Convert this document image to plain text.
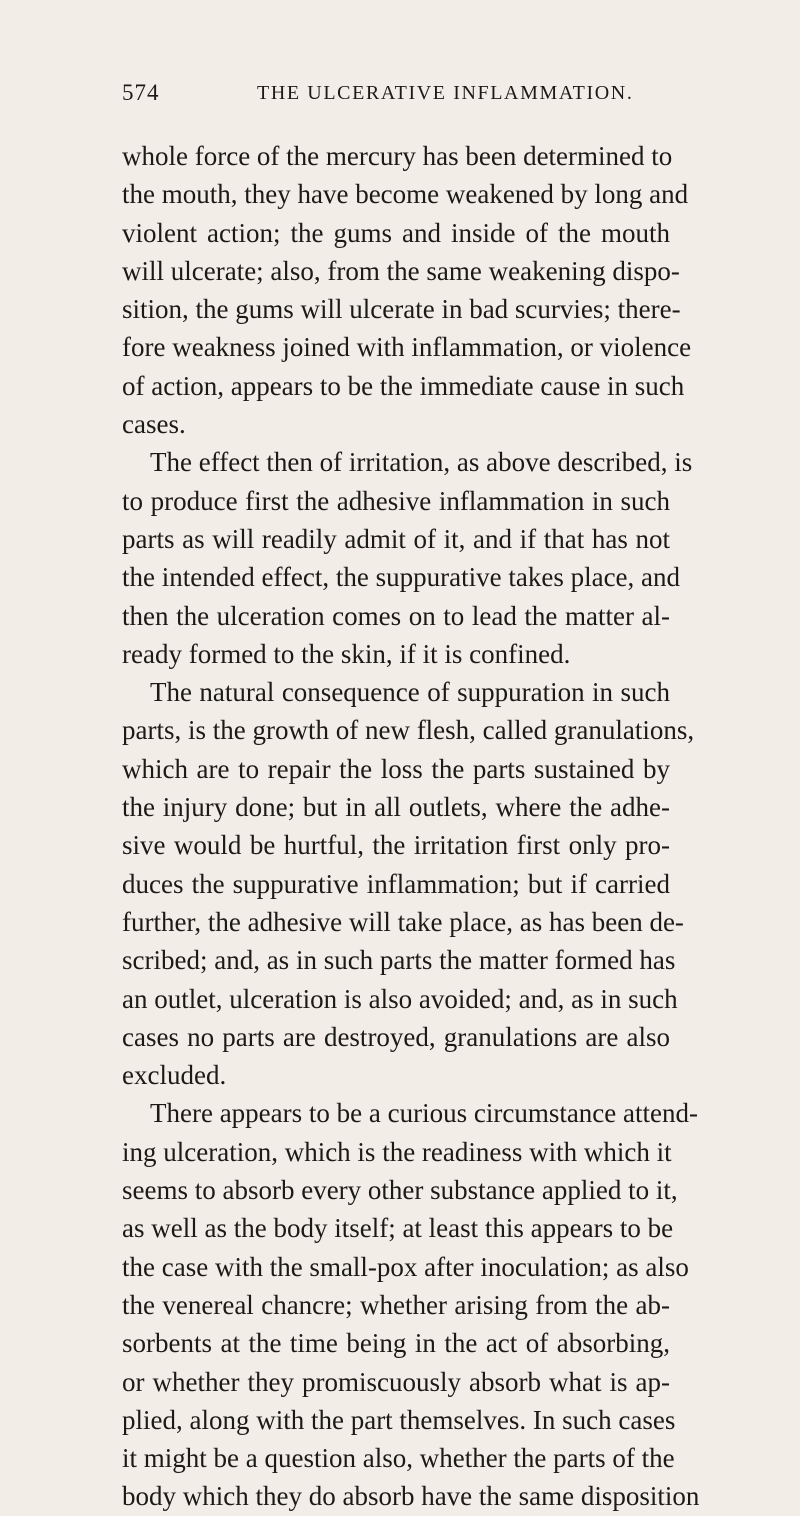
574	THE ULCERATIVE INFLAMMATION.
whole force of the mercury has been determined to
the mouth, they have become weakened by long and
violent action; the gums and inside of the mouth
will ulcerate; also, from the same weakening dispo-
sition, the gums will ulcerate in bad scurvies; there-
fore weakness joined with inflammation, or violence
of action, appears to be the immediate cause in such
cases.
The effect then of irritation, as above described, is
to produce first the adhesive inflammation in such
parts as will readily admit of it, and if that has not
the intended effect, the suppurative takes place, and
then the ulceration comes on to lead the matter al-
ready formed to the skin, if it is confined.
The natural consequence of suppuration in such
parts, is the growth of new flesh, called granulations,
which are to repair the loss the parts sustained by
the injury done; but in all outlets, where the adhe-
sive would be hurtful, the irritation first only pro-
duces the suppurative inflammation; but if carried
further, the adhesive will take place, as has been de-
scribed; and, as in such parts the matter formed has
an outlet, ulceration is also avoided; and, as in such
cases no parts are destroyed, granulations are also
excluded.
There appears to be a curious circumstance attend-
ing ulceration, which is the readiness with which it
seems to absorb every other substance applied to it,
as well as the body itself; at least this appears to be
the case with the small-pox after inoculation; as also
the venereal chancre; whether arising from the ab-
sorbents at the time being in the act of absorbing,
or whether they promiscuously absorb what is ap-
plied, along with the part themselves. In such cases
it might be a question also, whether the parts of the
body which they do absorb have the same disposition
